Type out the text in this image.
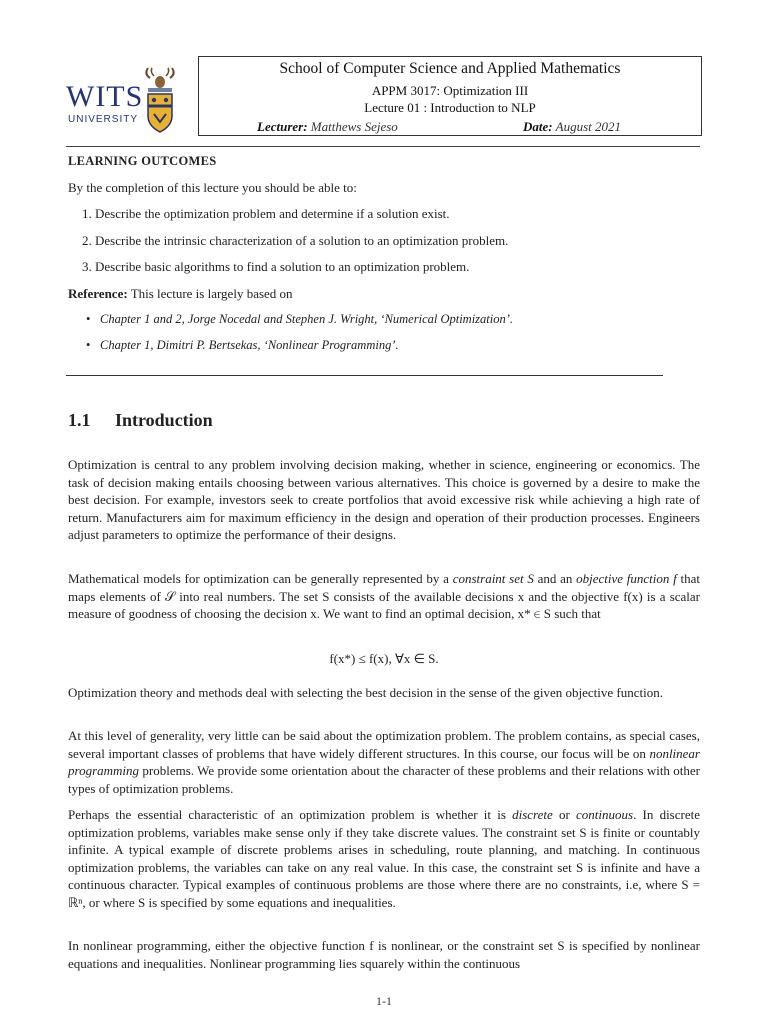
WITS
UNIVERSITY
School of Computer Science and Applied Mathematics
APPM 3017: Optimization III
Lecture 01 : Introduction to NLP
Lecturer: Matthews Sejeso	Date: August 2021
LEARNING OUTCOMES
By the completion of this lecture you should be able to:
1. Describe the optimization problem and determine if a solution exist.
2. Describe the intrinsic characterization of a solution to an optimization problem.
3. Describe basic algorithms to find a solution to an optimization problem.
Reference: This lecture is largely based on
• Chapter 1 and 2, Jorge Nocedal and Stephen J. Wright, ‘Numerical Optimization’.
• Chapter 1, Dimitri P. Bertsekas, ‘Nonlinear Programming’.
1.1 Introduction
Optimization is central to any problem involving decision making, whether in science, engineering or economics. The task of decision making entails choosing between various alternatives. This choice is governed by a desire to make the best decision. For example, investors seek to create portfolios that avoid excessive risk while achieving a high rate of return. Manufacturers aim for maximum efficiency in the design and operation of their production processes. Engineers adjust parameters to optimize the performance of their designs.
Mathematical models for optimization can be generally represented by a constraint set S and an objective function f that maps elements of 𝒮 into real numbers. The set S consists of the available decisions x and the objective f(x) is a scalar measure of goodness of choosing the decision x. We want to find an optimal decision, x* ∈ S such that
f(x*) ≤ f(x), ∀x ∈ S.
Optimization theory and methods deal with selecting the best decision in the sense of the given objective function.
At this level of generality, very little can be said about the optimization problem. The problem contains, as special cases, several important classes of problems that have widely different structures. In this course, our focus will be on nonlinear programming problems. We provide some orientation about the character of these problems and their relations with other types of optimization problems.
Perhaps the essential characteristic of an optimization problem is whether it is discrete or continuous. In discrete optimization problems, variables make sense only if they take discrete values. The constraint set S is finite or countably infinite. A typical example of discrete problems arises in scheduling, route planning, and matching. In continuous optimization problems, the variables can take on any real value. In this case, the constraint set S is infinite and have a continuous character. Typical examples of continuous problems are those where there are no constraints, i.e, where S = ℝⁿ, or where S is specified by some equations and inequalities.
In nonlinear programming, either the objective function f is nonlinear, or the constraint set S is specified by nonlinear equations and inequalities. Nonlinear programming lies squarely within the continuous
1-1
